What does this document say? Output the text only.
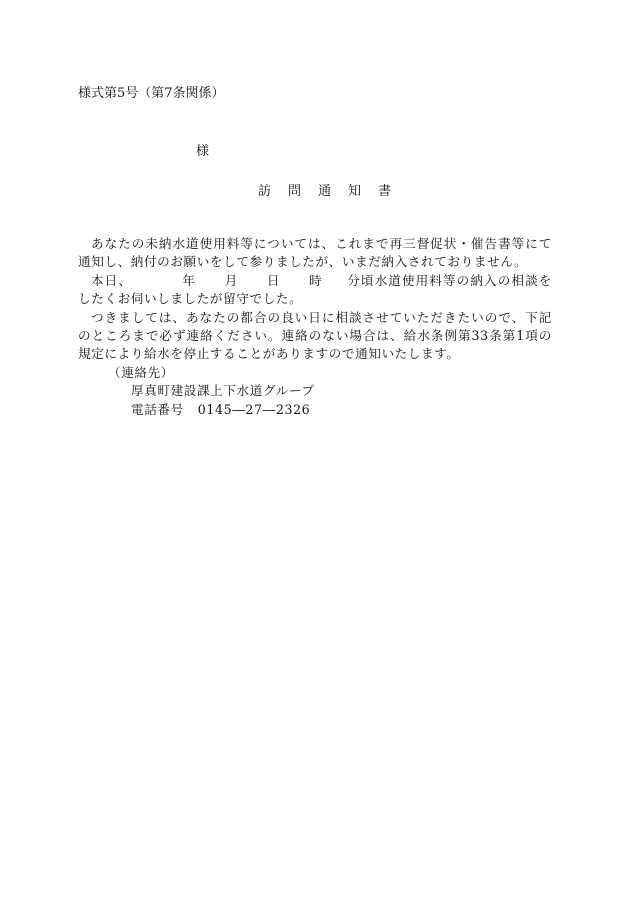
様式第5号（第7条関係）
様
訪問通知書

あなたの未納水道使用料等については、これまで再三督促状・催告書等にて通知し、納付のお願いをして参りましたが、いまだ納入されておりません。

本日、	年 月 日 時 分頃水道使用料等の納入の相談をしたくお伺いしましたが留守でした。

つきましては、あなたの都合の良い日に相談させていただきたいので、下記のところまで必ず連絡ください。連絡のない場合は、給水条例第33条第1項の規定により給水を停止することがありますので通知いたします。

（連絡先）
厚真町建設課上下水道グループ
電話番号 0145―27―2326
